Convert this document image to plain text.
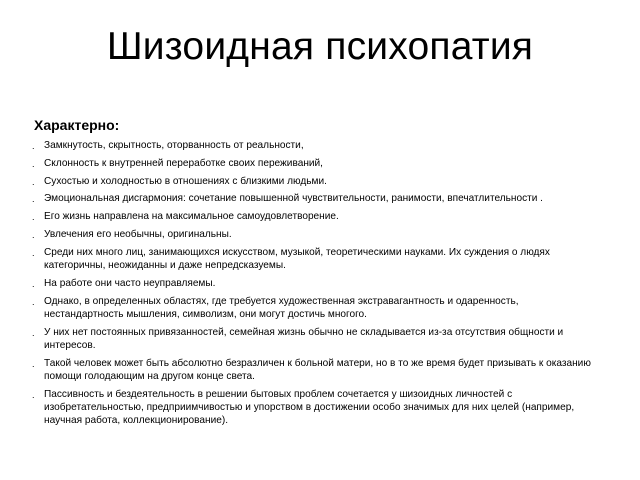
Шизоидная психопатия
Характерно:
. Замкнутость, скрытность, оторванность от реальности,
. Склонность к внутренней переработке своих переживаний,
. Сухостью и холодностью в отношениях с близкими людьми.
. Эмоциональная дисгармония: сочетание повышенной чувствительности, ранимости, впечатлительности .
. Его жизнь направлена на максимальное самоудовлетворение.
. Увлечения его необычны, оригинальны.
. Среди них много лиц, занимающихся искусством, музыкой, теоретическими науками. Их суждения о людях категоричны, неожиданны и даже непредсказуемы.
. На работе они часто неуправляемы.
. Однако, в определенных областях, где требуется художественная экстравагантность и одаренность, нестандартность мышления, символизм, они могут достичь многого.
. У них нет постоянных привязанностей, семейная жизнь обычно не складывается из-за отсутствия общности и интересов.
. Такой человек может быть абсолютно безразличен к больной матери, но в то же время будет призывать к оказанию помощи голодающим на другом конце света.
. Пассивность и бездеятельность в решении бытовых проблем сочетается у шизоидных личностей с изобретательностью, предприимчивостью и упорством в достижении особо значимых для них целей (например, научная работа, коллекционирование).
